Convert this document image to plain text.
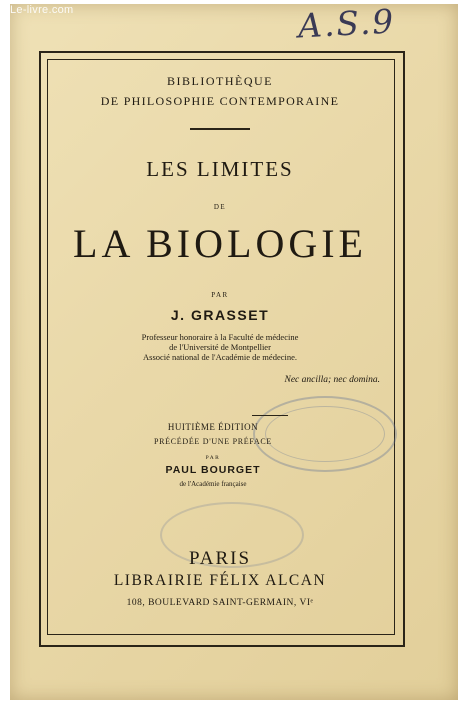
Le-livre.com	A.S.9
BIBLIOTHÈQUE
DE PHILOSOPHIE CONTEMPORAINE
LES LIMITES
DE
LA BIOLOGIE
PAR
J. GRASSET
Professeur honoraire à la Faculté de médecine
de l'Université de Montpellier
Associé national de l'Académie de médecine.
Nec ancilla; nec domina.
HUITIÈME ÉDITION
PRÉCÉDÉE D'UNE PRÉFACE
PAR
PAUL BOURGET
de l'Académie française
PARIS
LIBRAIRIE FÉLIX ALCAN
108, BOULEVARD SAINT-GERMAIN, VIᵉ
